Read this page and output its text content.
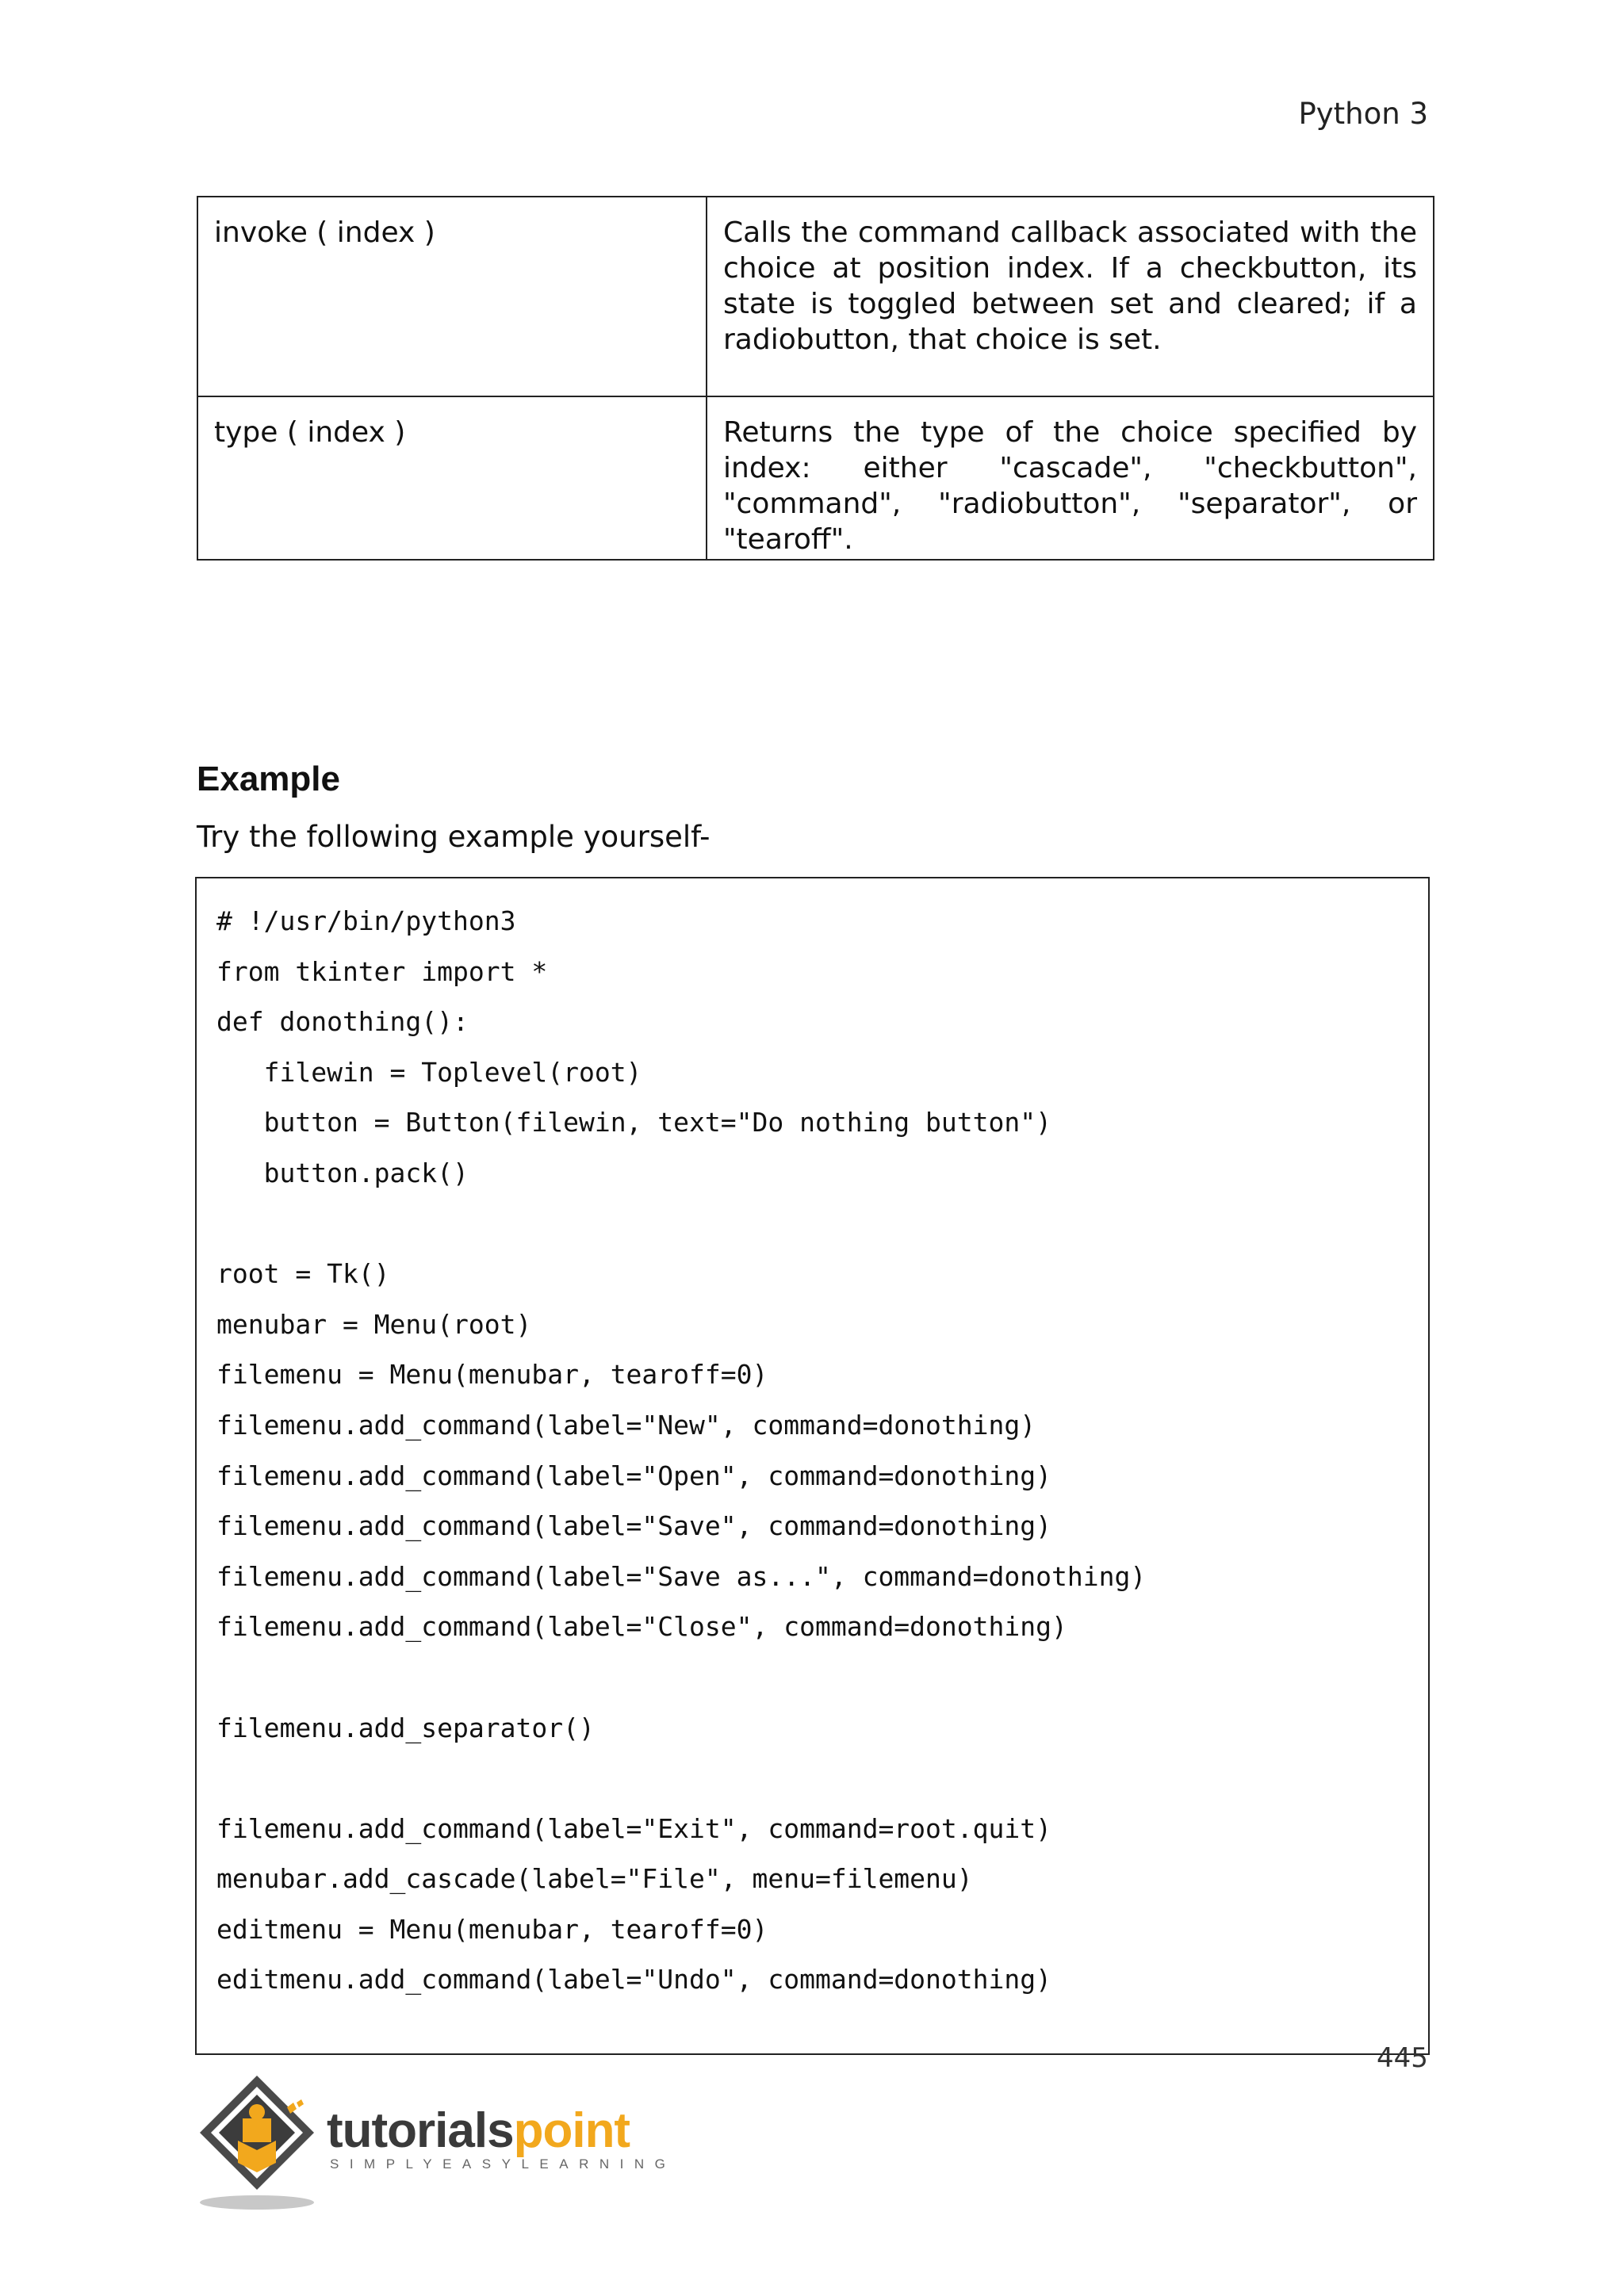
Python 3
invoke ( index )	Calls the command callback associated with the choice at position index. If a checkbutton, its state is toggled between set and cleared; if a radiobutton, that choice is set.
type ( index )	Returns the type of the choice specified by index: either "cascade", "checkbutton", "command", "radiobutton", "separator", or "tearoff".
Example
Try the following example yourself-
# !/usr/bin/python3
from tkinter import *
def donothing():
filewin = Toplevel(root)
button = Button(filewin, text="Do nothing button")
button.pack()
root = Tk()
menubar = Menu(root)
filemenu = Menu(menubar, tearoff=0)
filemenu.add_command(label="New", command=donothing)
filemenu.add_command(label="Open", command=donothing)
filemenu.add_command(label="Save", command=donothing)
filemenu.add_command(label="Save as...", command=donothing)
filemenu.add_command(label="Close", command=donothing)
filemenu.add_separator()
filemenu.add_command(label="Exit", command=root.quit)
menubar.add_cascade(label="File", menu=filemenu)
editmenu = Menu(menubar, tearoff=0)
editmenu.add_command(label="Undo", command=donothing)
445
tutorialspoint
SIMPLYEASYLEARNING
